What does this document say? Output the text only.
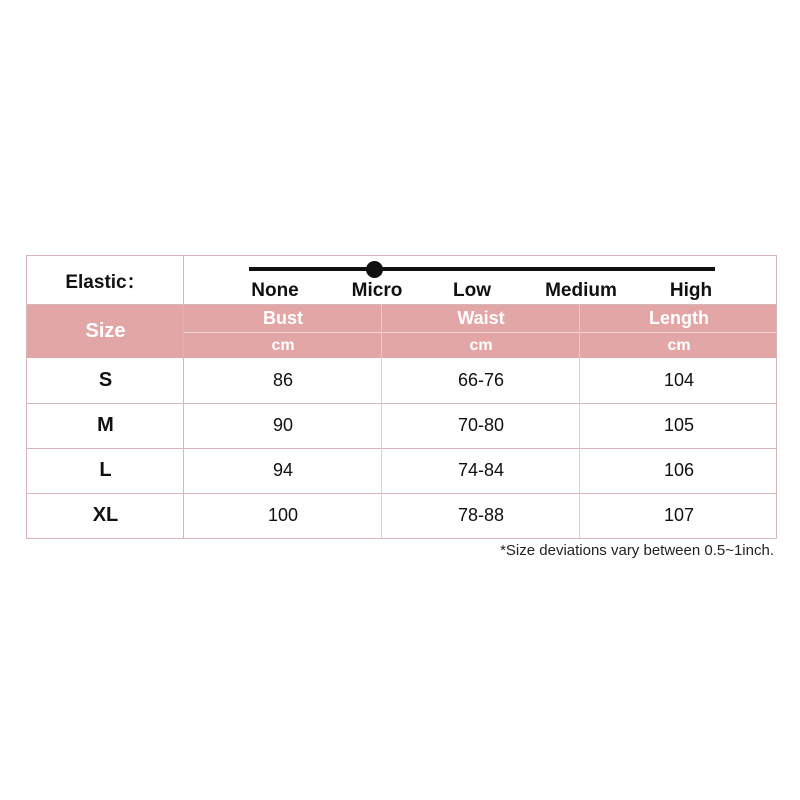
Elastic：	None	Micro	Low	Medium	High
Size
Bust	Waist	Length
cm	cm	cm
S	86	66-76	104
M	90	70-80	105
L	94	74-84	106
XL	100	78-88	107
*Size deviations vary between 0.5~1inch.
